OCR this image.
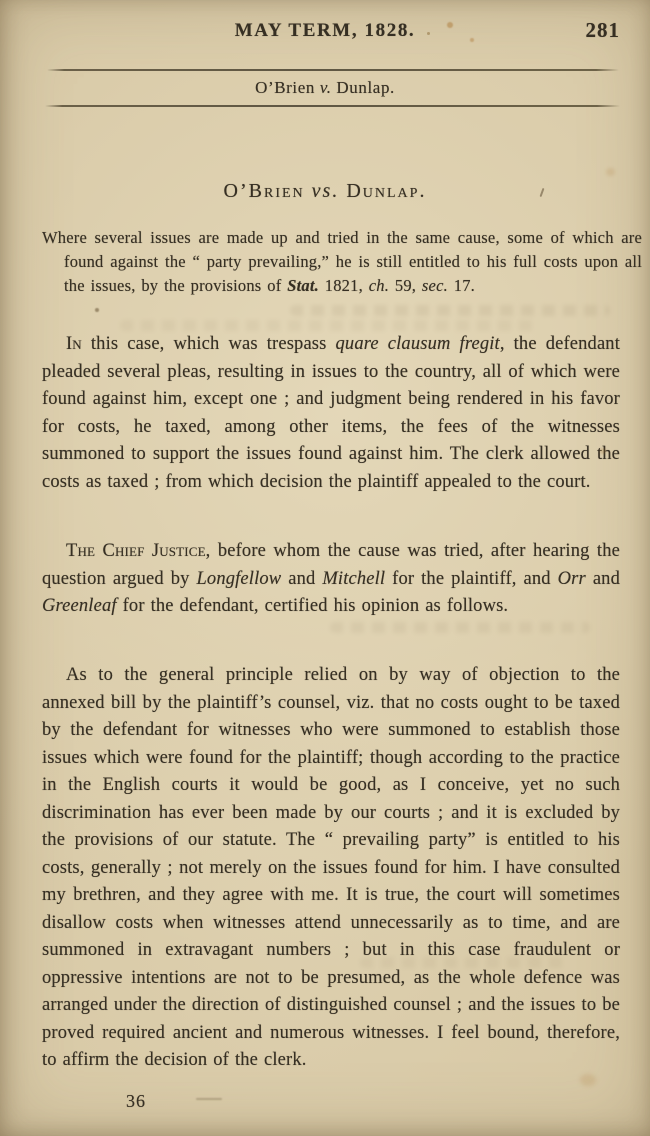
MAY TERM, 1828.	281
O’Brien v. Dunlap.
O’Brien vs. Dunlap.

Where several issues are made up and tried in the same cause, some of which are found against the “ party prevailing,” he is still entitled to his full costs upon all the issues, by the provisions of Stat. 1821, ch. 59, sec. 17.

In this case, which was trespass quare clausum fregit, the defendant pleaded several pleas, resulting in issues to the country, all of which were found against him, except one ; and judgment being rendered in his favor for costs, he taxed, among other items, the fees of the witnesses summoned to support the issues found against him. The clerk allowed the costs as taxed ; from which decision the plaintiff appealed to the court.

The Chief Justice, before whom the cause was tried, after hearing the question argued by Longfellow and Mitchell for the plaintiff, and Orr and Greenleaf for the defendant, certified his opinion as follows.

As to the general principle relied on by way of objection to the annexed bill by the plaintiff’s counsel, viz. that no costs ought to be taxed by the defendant for witnesses who were summoned to establish those issues which were found for the plaintiff; though according to the practice in the English courts it would be good, as I conceive, yet no such discrimination has ever been made by our courts ; and it is excluded by the provisions of our statute. The “ prevailing party” is entitled to his costs, generally ; not merely on the issues found for him. I have consulted my brethren, and they agree with me. It is true, the court will sometimes disallow costs when witnesses attend unnecessarily as to time, and are summoned in extravagant numbers ; but in this case fraudulent or oppressive intentions are not to be presumed, as the whole defence was arranged under the direction of distinguished counsel ; and the issues to be proved required ancient and numerous witnesses. I feel bound, therefore, to affirm the decision of the clerk.

36
